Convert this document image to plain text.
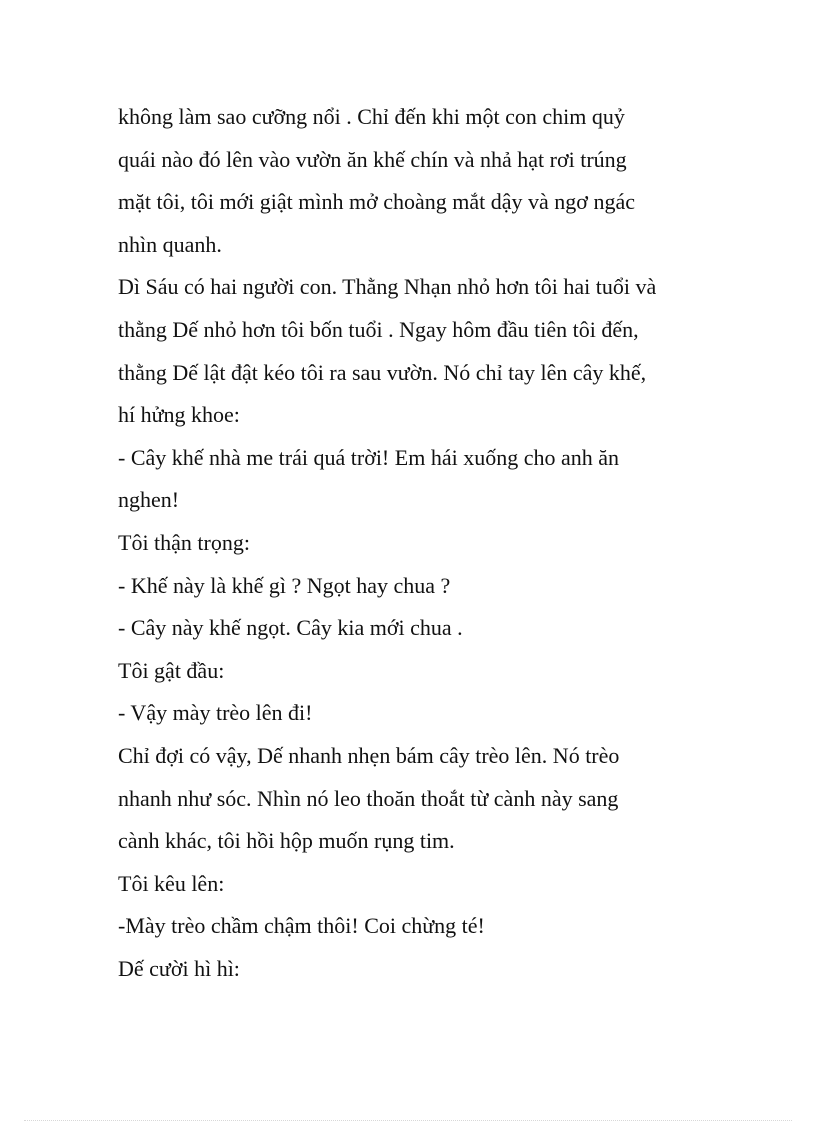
không làm sao cưỡng nổi . Chỉ đến khi một con chim quỷ
quái nào đó lên vào vườn ăn khế chín và nhả hạt rơi trúng
mặt tôi, tôi mới giật mình mở choàng mắt dậy và ngơ ngác
nhìn quanh.
Dì Sáu có hai người con. Thằng Nhạn nhỏ hơn tôi hai tuổi và
thằng Dế nhỏ hơn tôi bốn tuổi . Ngay hôm đầu tiên tôi đến,
thằng Dế lật đật kéo tôi ra sau vườn. Nó chỉ tay lên cây khế,
hí hửng khoe:
- Cây khế nhà me trái quá trời! Em hái xuống cho anh ăn
nghen!
Tôi thận trọng:
- Khế này là khế gì ? Ngọt hay chua ?
- Cây này khế ngọt. Cây kia mới chua .
Tôi gật đầu:
- Vậy mày trèo lên đi!
Chỉ đợi có vậy, Dế nhanh nhẹn bám cây trèo lên. Nó trèo
nhanh như sóc. Nhìn nó leo thoăn thoắt từ cành này sang
cành khác, tôi hồi hộp muốn rụng tim.
Tôi kêu lên:
-Mày trèo chầm chậm thôi! Coi chừng té!
Dế cười hì hì:
